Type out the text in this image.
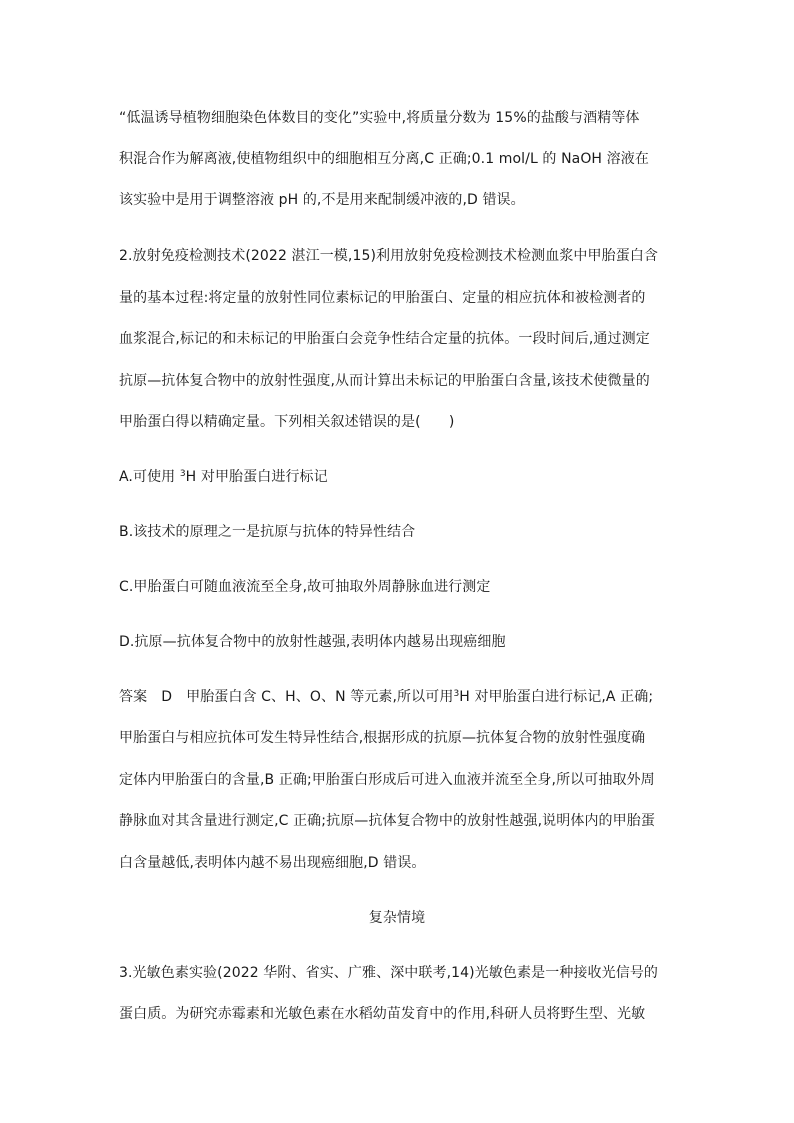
“低温诱导植物细胞染色体数目的变化”实验中,将质量分数为 15%的盐酸与酒精等体
积混合作为解离液,使植物组织中的细胞相互分离,C 正确;0.1 mol/L 的 NaOH 溶液在
该实验中是用于调整溶液 pH 的,不是用来配制缓冲液的,D 错误。
2.放射免疫检测技术(2022 湛江一模,15)利用放射免疫检测技术检测血浆中甲胎蛋白含
量的基本过程:将定量的放射性同位素标记的甲胎蛋白、定量的相应抗体和被检测者的
血浆混合,标记的和未标记的甲胎蛋白会竞争性结合定量的抗体。一段时间后,通过测定
抗原—抗体复合物中的放射性强度,从而计算出未标记的甲胎蛋白含量,该技术使微量的
甲胎蛋白得以精确定量。下列相关叙述错误的是(　　)
A.可使用 $^3$H 对甲胎蛋白进行标记
B.该技术的原理之一是抗原与抗体的特异性结合
C.甲胎蛋白可随血液流至全身,故可抽取外周静脉血进行测定
D.抗原—抗体复合物中的放射性越强,表明体内越易出现癌细胞
答案 D 甲胎蛋白含 C、H、O、N 等元素,所以可用$^3$H 对甲胎蛋白进行标记,A 正确;
甲胎蛋白与相应抗体可发生特异性结合,根据形成的抗原—抗体复合物的放射性强度确
定体内甲胎蛋白的含量,B 正确;甲胎蛋白形成后可进入血液并流至全身,所以可抽取外周
静脉血对其含量进行测定,C 正确;抗原—抗体复合物中的放射性越强,说明体内的甲胎蛋
白含量越低,表明体内越不易出现癌细胞,D 错误。
复杂情境
3.光敏色素实验(2022 华附、省实、广雅、深中联考,14)光敏色素是一种接收光信号的
蛋白质。为研究赤霉素和光敏色素在水稻幼苗发育中的作用,科研人员将野生型、光敏
